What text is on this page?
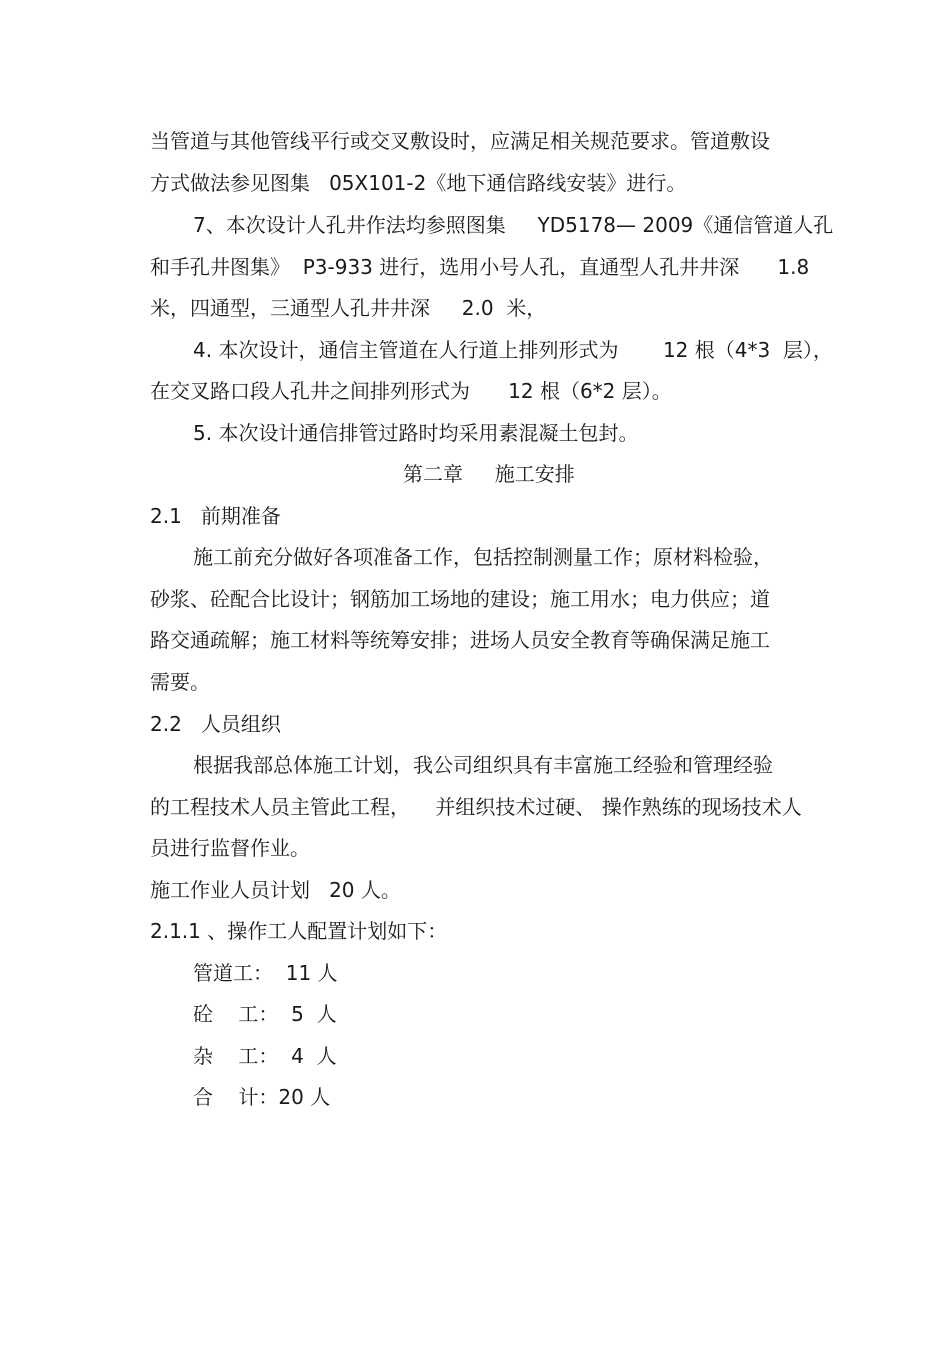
当管道与其他管线平行或交叉敷设时，应满足相关规范要求。管道敷设

方式做法参见图集   05X101-2《地下通信路线安装》进行。

7、本次设计人孔井作法均参照图集     YD5178— 2009《通信管道人孔

和手孔井图集》  P3-933 进行，选用小号人孔，直通型人孔井井深      1.8

米，四通型，三通型人孔井井深     2.0  米，

4. 本次设计，通信主管道在人行道上排列形式为       12 根（4*3  层），

在交叉路口段人孔井之间排列形式为      12 根（6*2 层）。

5. 本次设计通信排管过路时均采用素混凝土包封。

第二章     施工安排
2.1   前期准备

施工前充分做好各项准备工作，包括控制测量工作；原材料检验，

砂浆、砼配合比设计；钢筋加工场地的建设；施工用水；电力供应；道

路交通疏解；施工材料等统筹安排；进场人员安全教育等确保满足施工

需要。

2.2   人员组织

根据我部总体施工计划，我公司组织具有丰富施工经验和管理经验

的工程技术人员主管此工程，    并组织技术过硬、 操作熟练的现场技术人

员进行监督作业。

施工作业人员计划   20 人。

2.1.1 、操作工人配置计划如下：

管道工：  11 人

砼    工：  5  人

杂    工：  4  人

合    计：20 人
